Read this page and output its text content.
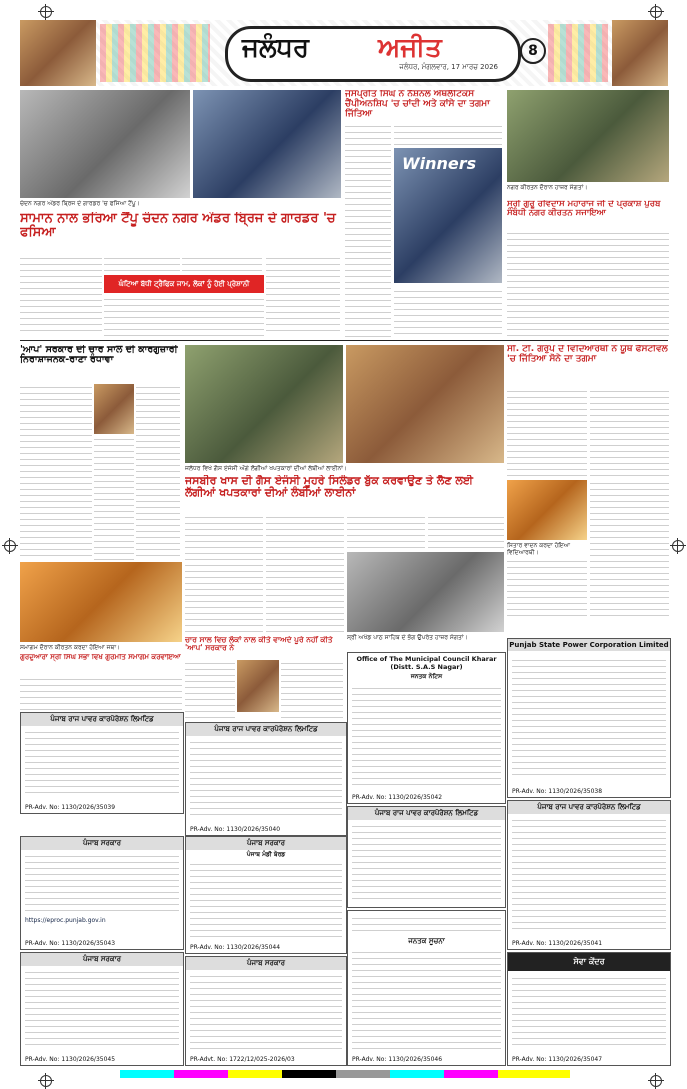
ਜਲੰਧਰ	ਅਜੀਤ
ਜਲੰਧਰ, ਮੰਗਲਵਾਰ, 17 ਮਾਰਚ 2026
8
ਚੰਦਨ ਨਗਰ ਅੰਡਰ ਬ੍ਰਿਜ ਦੇ ਗਾਰਡਰ 'ਚ ਫਸਿਆ ਟੈਂਪੂ।
ਸਾਮਾਨ ਨਾਲ ਭਰਿਆ ਟੈਂਪੂ ਚੰਦਨ ਨਗਰ ਅੰਡਰ ਬ੍ਰਿਜ ਦੇ ਗਾਰਡਰ 'ਚ ਫਸਿਆ
ਘੰਟਿਆਂ ਬੱਧੀ ਟ੍ਰੈਫਿਕ ਜਾਮ, ਲੋਕਾਂ ਨੂੰ ਹੋਈ ਪ੍ਰੇਸ਼ਾਨੀ
ਜਸਪ੍ਰੀਤ ਸਿੰਘ ਨੇ ਨੈਸ਼ਨਲ ਐਥਲੈਟਿਕਸ ਚੈਂਪੀਅਨਸ਼ਿਪ 'ਚ ਚਾਂਦੀ ਅਤੇ ਕਾਂਸੇ ਦਾ ਤਗਮਾ ਜਿੱਤਿਆ
Winners
ਨਗਰ ਕੀਰਤਨ ਦੌਰਾਨ ਹਾਜ਼ਰ ਸੰਗਤਾਂ।
ਸ੍ਰੀ ਗੁਰੂ ਰਵਿਦਾਸ ਮਹਾਰਾਜ ਜੀ ਦੇ ਪ੍ਰਕਾਸ਼ ਪੁਰਬ ਸੰਬੰਧੀ ਨਗਰ ਕੀਰਤਨ ਸਜਾਇਆ
'ਆਪ' ਸਰਕਾਰ ਦੀ ਚਾਰ ਸਾਲ ਦੀ ਕਾਰਗੁਜ਼ਾਰੀ ਨਿਰਾਸ਼ਾਜਨਕ-ਰਾਣਾ ਰੰਧਾਵਾ
ਜਲੰਧਰ ਵਿਖੇ ਗੈਸ ਏਜੰਸੀ ਅੱਗੇ ਲੱਗੀਆਂ ਖਪਤਕਾਰਾਂ ਦੀਆਂ ਲੰਬੀਆਂ ਲਾਈਨਾਂ।
ਜਸਬੀਰ ਖਾਸ ਦੀ ਗੈਸ ਏਜੰਸੀ ਮੂਹਰੇ ਸਿਲੰਡਰ ਬੁੱਕ ਕਰਵਾਉਣ ਤੇ ਲੈਣ ਲਈ ਲੱਗੀਆਂ ਖਪਤਕਾਰਾਂ ਦੀਆਂ ਲੰਬੀਆਂ ਲਾਈਨਾਂ
ਸ੍ਰੀ ਅਖੰਡ ਪਾਠ ਸਾਹਿਬ ਦੇ ਭੋਗ ਉਪਰੰਤ ਹਾਜ਼ਰ ਸੰਗਤਾਂ।
ਸੀ. ਟੀ. ਗਰੁੱਪ ਦੇ ਵਿਦਿਆਰਥੀ ਨੇ ਯੂਥ ਫੈਸਟੀਵਲ 'ਚ ਜਿੱਤਿਆ ਸੋਨੇ ਦਾ ਤਗਮਾ
ਸਿਤਾਰ ਵਾਦਨ ਕਰਦਾ ਹੋਇਆ ਵਿਦਿਆਰਥੀ।
ਸਮਾਗਮ ਦੌਰਾਨ ਕੀਰਤਨ ਕਰਦਾ ਹੋਇਆ ਜਥਾ।
ਗੁਰਦੁਆਰਾ ਸ੍ਰੀ ਸਿੰਘ ਸਭਾ ਵਿਖੇ ਗੁਰਮਤਿ ਸਮਾਗਮ ਕਰਵਾਇਆ
ਚਾਰ ਸਾਲ ਵਿਚ ਲੋਕਾਂ ਨਾਲ ਕੀਤੇ ਵਾਅਦੇ ਪੂਰੇ ਨਹੀਂ ਕੀਤੇ 'ਆਪ' ਸਰਕਾਰ ਨੇ	Punjab State Power Corporation Limited
PR-Adv. No: 1130/2026/35038
Office of The Municipal Council Kharar (Distt. S.A.S Nagar)
ਜਨਤਕ ਨੋਟਿਸ
PR-Adv. No: 1130/2026/35042
ਪੰਜਾਬ ਰਾਜ ਪਾਵਰ ਕਾਰਪੋਰੇਸ਼ਨ ਲਿਮਟਿਡ
PR-Adv. No: 1130/2026/35039
ਪੰਜਾਬ ਰਾਜ ਪਾਵਰ ਕਾਰਪੋਰੇਸ਼ਨ ਲਿਮਟਿਡ
PR-Adv. No: 1130/2026/35040
ਪੰਜਾਬ ਰਾਜ ਪਾਵਰ ਕਾਰਪੋਰੇਸ਼ਨ ਲਿਮਟਿਡ
PR-Adv. No: 1130/2026/35041
ਪੰਜਾਬ ਰਾਜ ਪਾਵਰ ਕਾਰਪੋਰੇਸ਼ਨ ਲਿਮਟਿਡ
ਪੰਜਾਬ ਸਰਕਾਰ
https://eproc.punjab.gov.in
PR-Adv. No: 1130/2026/35043
ਪੰਜਾਬ ਸਰਕਾਰ
ਪੰਜਾਬ ਮੰਡੀ ਬੋਰਡ
PR-Adv. No: 1130/2026/35044
ਜਨਤਕ ਸੂਚਨਾ
PR-Adv. No: 1130/2026/35046
ਸੇਵਾ ਕੇਂਦਰ
PR-Adv. No: 1130/2026/35047
ਪੰਜਾਬ ਸਰਕਾਰ
PR-Adv. No: 1130/2026/35045
ਪੰਜਾਬ ਸਰਕਾਰ
PR-Advt. No: 1722/12/025-2026/03
